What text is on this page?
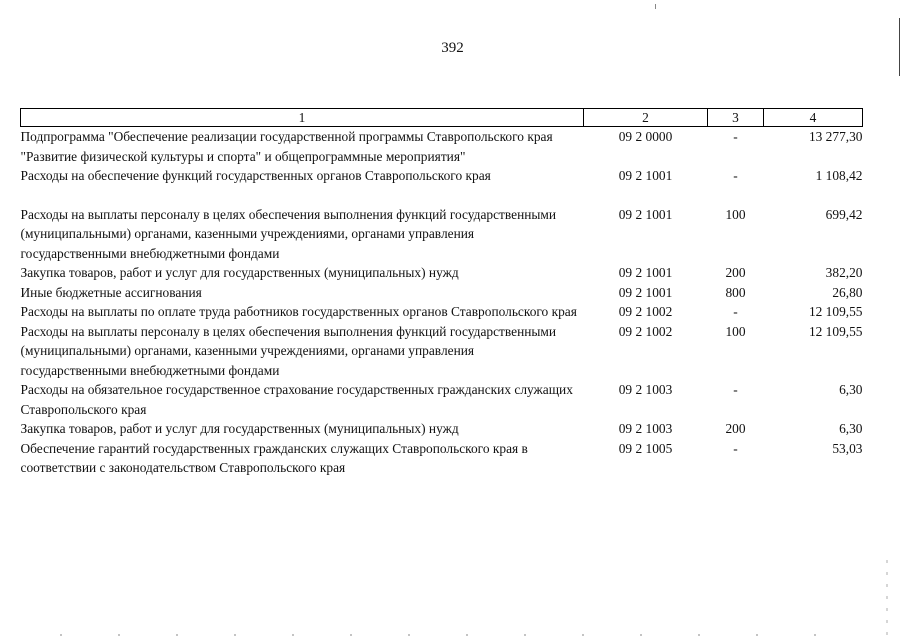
392
1	2	3	4
Подпрограмма "Обеспечение реализации государственной программы Ставропольского края "Развитие физической культуры и спорта" и общепрограммные мероприятия"	09 2 0000	-	13 277,30
Расходы на обеспечение функций государственных органов Ставропольского края	09 2 1001	-	1 108,42
Расходы на выплаты персоналу в целях обеспечения выполнения функций государственными (муниципальными) органами, казенными учреждениями, органами управления государственными внебюджетными фондами	09 2 1001	100	699,42
Закупка товаров, работ и услуг для государственных (муниципальных) нужд	09 2 1001	200	382,20
Иные бюджетные ассигнования	09 2 1001	800	26,80
Расходы на выплаты по оплате труда работников государственных органов Ставропольского края	09 2 1002	-	12 109,55
Расходы на выплаты персоналу в целях обеспечения выполнения функций государственными (муниципальными) органами, казенными учреждениями, органами управления государственными внебюджетными фондами	09 2 1002	100	12 109,55
Расходы на обязательное государственное страхование государственных гражданских служащих Ставропольского края	09 2 1003	-	6,30
Закупка товаров, работ и услуг для государственных (муниципальных) нужд	09 2 1003	200	6,30
Обеспечение гарантий государственных гражданских служащих Ставропольского края в соответствии с законодательством Ставропольского края	09 2 1005	-	53,03
